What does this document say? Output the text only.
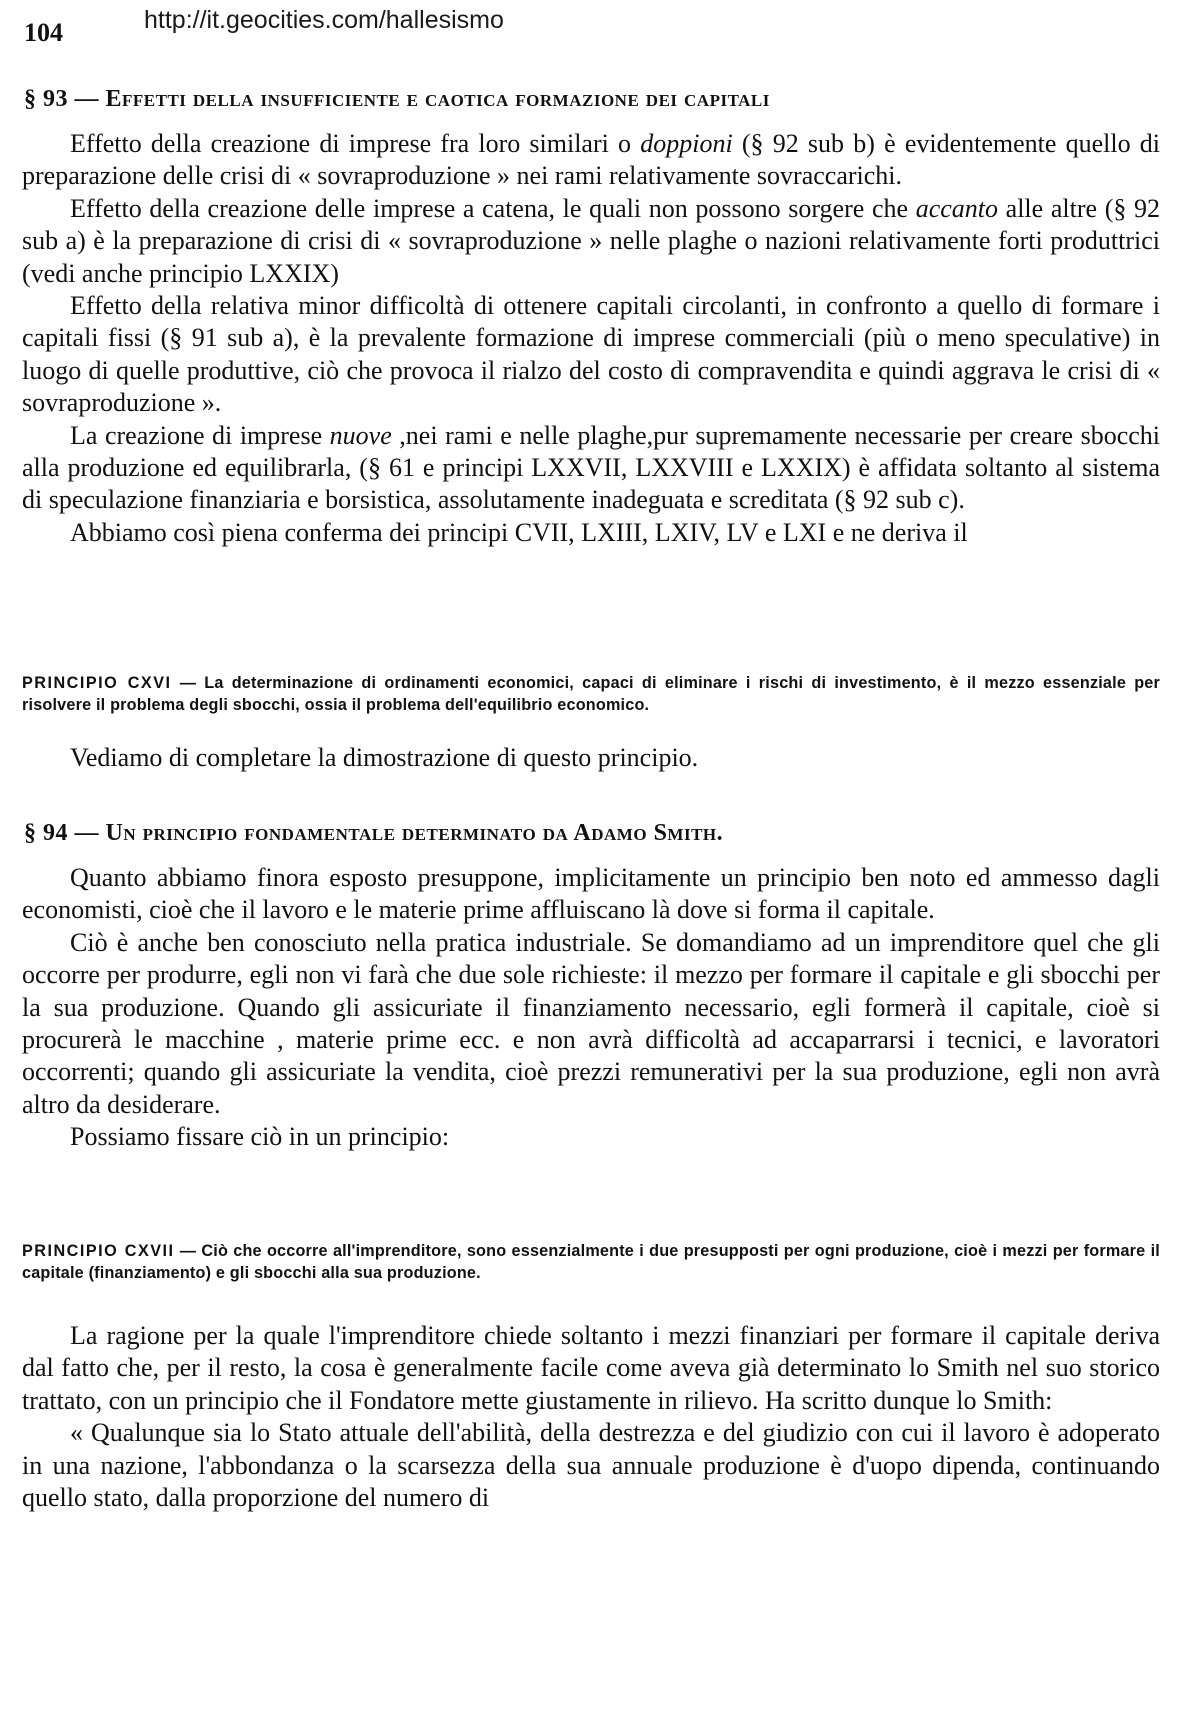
104	http://it.geocities.com/hallesismo
§ 93 — Effetti della insufficiente e caotica formazione dei capitali

Effetto della creazione di imprese fra loro similari o doppioni (§ 92 sub b) è evidentemente quello di preparazione delle crisi di « sovraproduzione » nei rami relativamente sovraccarichi.

Effetto della creazione delle imprese a catena, le quali non possono sorgere che accanto alle altre (§ 92 sub a) è la preparazione di crisi di « sovraproduzione » nelle plaghe o nazioni relativamente forti produttrici (vedi anche principio LXXIX)

Effetto della relativa minor difficoltà di ottenere capitali circolanti, in confronto a quello di formare i capitali fissi (§ 91 sub a), è la prevalente formazione di imprese commerciali (più o meno speculative) in luogo di quelle produttive, ciò che provoca il rialzo del costo di compravendita e quindi aggrava le crisi di « sovraproduzione ».

La creazione di imprese nuove ,nei rami e nelle plaghe,pur supremamente necessarie per creare sbocchi alla produzione ed equilibrarla, (§ 61 e principi LXXVII, LXXVIII e LXXIX) è affidata soltanto al sistema di speculazione finanziaria e borsistica, assolutamente inadeguata e screditata (§ 92 sub c).

Abbiamo così piena conferma dei principi CVII, LXIII, LXIV, LV e LXI e ne deriva il

PRINCIPIO CXVI — La determinazione di ordinamenti economici, capaci di eliminare i rischi di investimento, è il mezzo essenziale per risolvere il problema degli sbocchi, ossia il problema dell'equilibrio economico.
Vediamo di completare la dimostrazione di questo principio.
§ 94 — Un principio fondamentale determinato da Adamo Smith.

Quanto abbiamo finora esposto presuppone, implicitamente un principio ben noto ed ammesso dagli economisti, cioè che il lavoro e le materie prime affluiscano là dove si forma il capitale.

Ciò è anche ben conosciuto nella pratica industriale. Se domandiamo ad un imprenditore quel che gli occorre per produrre, egli non vi farà che due sole richieste: il mezzo per formare il capitale e gli sbocchi per la sua produzione. Quando gli assicuriate il finanziamento necessario, egli formerà il capitale, cioè si procurerà le macchine , materie prime ecc. e non avrà difficoltà ad accaparrarsi i tecnici, e lavoratori occorrenti; quando gli assicuriate la vendita, cioè prezzi remunerativi per la sua produzione, egli non avrà altro da desiderare.

Possiamo fissare ciò in un principio:

PRINCIPIO CXVII — Ciò che occorre all'imprenditore, sono essenzialmente i due presupposti per ogni produzione, cioè i mezzi per formare il capitale (finanziamento) e gli sbocchi alla sua produzione.

La ragione per la quale l'imprenditore chiede soltanto i mezzi finanziari per formare il capitale deriva dal fatto che, per il resto, la cosa è generalmente facile come aveva già determinato lo Smith nel suo storico trattato, con un principio che il Fondatore mette giustamente in rilievo. Ha scritto dunque lo Smith:

« Qualunque sia lo Stato attuale dell'abilità, della destrezza e del giudizio con cui il lavoro è adoperato in una nazione, l'abbondanza o la scarsezza della sua annuale produzione è d'uopo dipenda, continuando quello stato, dalla proporzione del numero di
